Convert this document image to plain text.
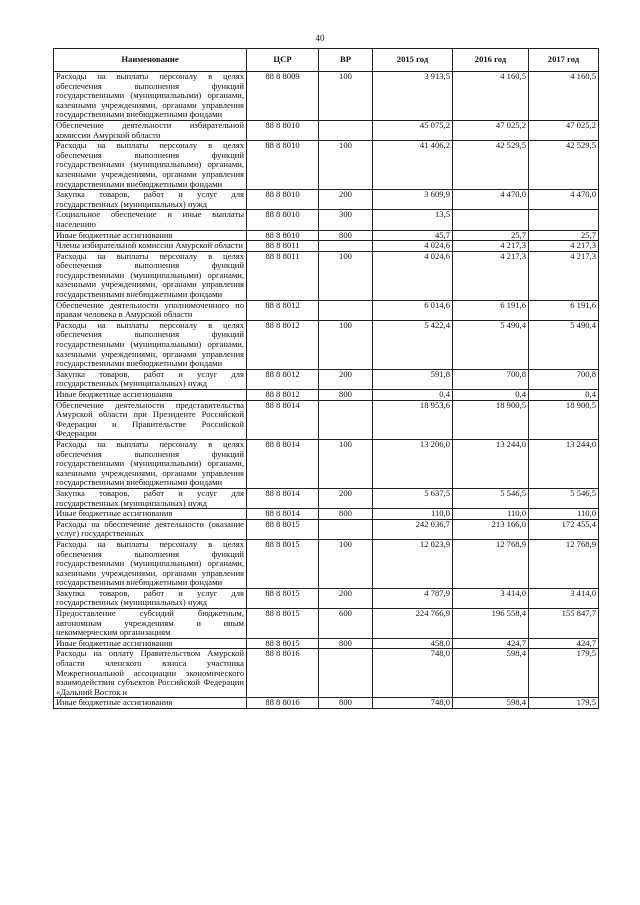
40
Наименование	ЦСР	ВР	2015 год	2016 год	2017 год
Расходы на выплаты персоналу в целях обеспечения выполнения функций государственными (муниципальными) органами, казенными учреждениями, органами управления государственными внебюджетными фондами	88 8 8009	100	3 913,5	4 160,5	4 160,5
Обеспечение деятельности избирательной комиссии Амурской области	88 8 8010		45 075,2	47 025,2	47 025,2
Расходы на выплаты персоналу в целях обеспечения выполнения функций государственными (муниципальными) органами, казенными учреждениями, органами управления государственными внебюджетными фондами	88 8 8010	100	41 406,2	42 529,5	42 529,5
Закупка товаров, работ и услуг для государственных (муниципальных) нужд	88 8 8010	200	3 609,9	4 470,0	4 470,0
Социальное обеспечение и иные выплаты населению	88 8 8010	300	13,5		
Иные бюджетные ассигнования	88 8 8010	800	45,7	25,7	25,7
Члены избирательной комиссии Амурской области	88 8 8011		4 024,6	4 217,3	4 217,3
Расходы на выплаты персоналу в целях обеспечения выполнения функций государственными (муниципальными) органами, казенными учреждениями, органами управления государственными внебюджетными фондами	88 8 8011	100	4 024,6	4 217,3	4 217,3
Обеспечение деятельности уполномоченного по правам человека в Амурской области	88 8 8012		6 014,6	6 191,6	6 191,6
Расходы на выплаты персоналу в целях обеспечения выполнения функций государственными (муниципальными) органами, казенными учреждениями, органами управления государственными внебюджетными фондами	88 8 8012	100	5 422,4	5 490,4	5 490,4
Закупка товаров, работ и услуг для государственных (муниципальных) нужд	88 8 8012	200	591,8	700,8	700,8
Иные бюджетные ассигнования	88 8 8012	800	0,4	0,4	0,4
Обеспечение деятельности представительства Амурской области при Президенте Российской Федерации и Правительстве Российской Федерации	88 8 8014		18 953,6	18 900,5	18 900,5
Расходы на выплаты персоналу в целях обеспечения выполнения функций государственными (муниципальными) органами, казенными учреждениями, органами управления государственными внебюджетными фондами	88 8 8014	100	13 206,0	13 244,0	13 244,0
Закупка товаров, работ и услуг для государственных (муниципальных) нужд	88 8 8014	200	5 637,5	5 546,5	5 546,5
Иные бюджетные ассигнования	88 8 8014	800	110,0	110,0	110,0
Расходы на обеспечение деятельности (оказание услуг) государственных	88 8 8015		242 036,7	213 166,0	172 455,4
Расходы на выплаты персоналу в целях обеспечения выполнения функций государственными (муниципальными) органами, казенными учреждениями, органами управления государственными внебюджетными фондами	88 8 8015	100	12 023,9	12 768,9	12 768,9
Закупка товаров, работ и услуг для государственных (муниципальных) нужд	88 8 8015	200	4 787,9	3 414,0	3 414,0
Предоставление субсидий бюджетным, автономным учреждениям и иным некоммерческим организациям	88 8 8015	600	224 766,9	196 558,4	155 847,7
Иные бюджетные ассигнования	88 8 8015	800	458,0	424,7	424,7
Расходы на оплату Правительством Амурской области членского взноса участника Межрегиональной ассоциации экономического взаимодействия субъектов Российской Федерации «Дальний Восток и	88 8 8016		748,0	598,4	179,5
Иные бюджетные ассигнования	88 8 8016	800	748,0	598,4	179,5
